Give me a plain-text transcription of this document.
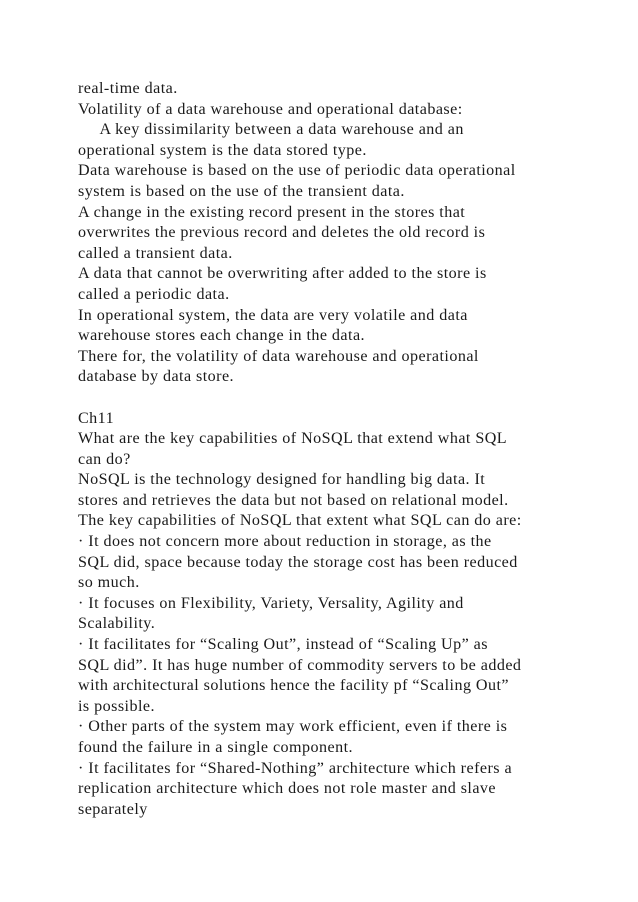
real-time data.
Volatility of a data warehouse and operational database:
A key dissimilarity between a data warehouse and an
operational system is the data stored type.
Data warehouse is based on the use of periodic data operational
system is based on the use of the transient data.
A change in the existing record present in the stores that
overwrites the previous record and deletes the old record is
called a transient data.
A data that cannot be overwriting after added to the store is
called a periodic data.
In operational system, the data are very volatile and data
warehouse stores each change in the data.
There for, the volatility of data warehouse and operational
database by data store.
Ch11
What are the key capabilities of NoSQL that extend what SQL
can do?
NoSQL is the technology designed for handling big data. It
stores and retrieves the data but not based on relational model.
The key capabilities of NoSQL that extent what SQL can do are:
· It does not concern more about reduction in storage, as the
SQL did, space because today the storage cost has been reduced
so much.
· It focuses on Flexibility, Variety, Versality, Agility and
Scalability.
· It facilitates for “Scaling Out”, instead of “Scaling Up” as
SQL did”. It has huge number of commodity servers to be added
with architectural solutions hence the facility pf “Scaling Out”
is possible.
· Other parts of the system may work efficient, even if there is
found the failure in a single component.
· It facilitates for “Shared-Nothing” architecture which refers a
replication architecture which does not role master and slave
separately
